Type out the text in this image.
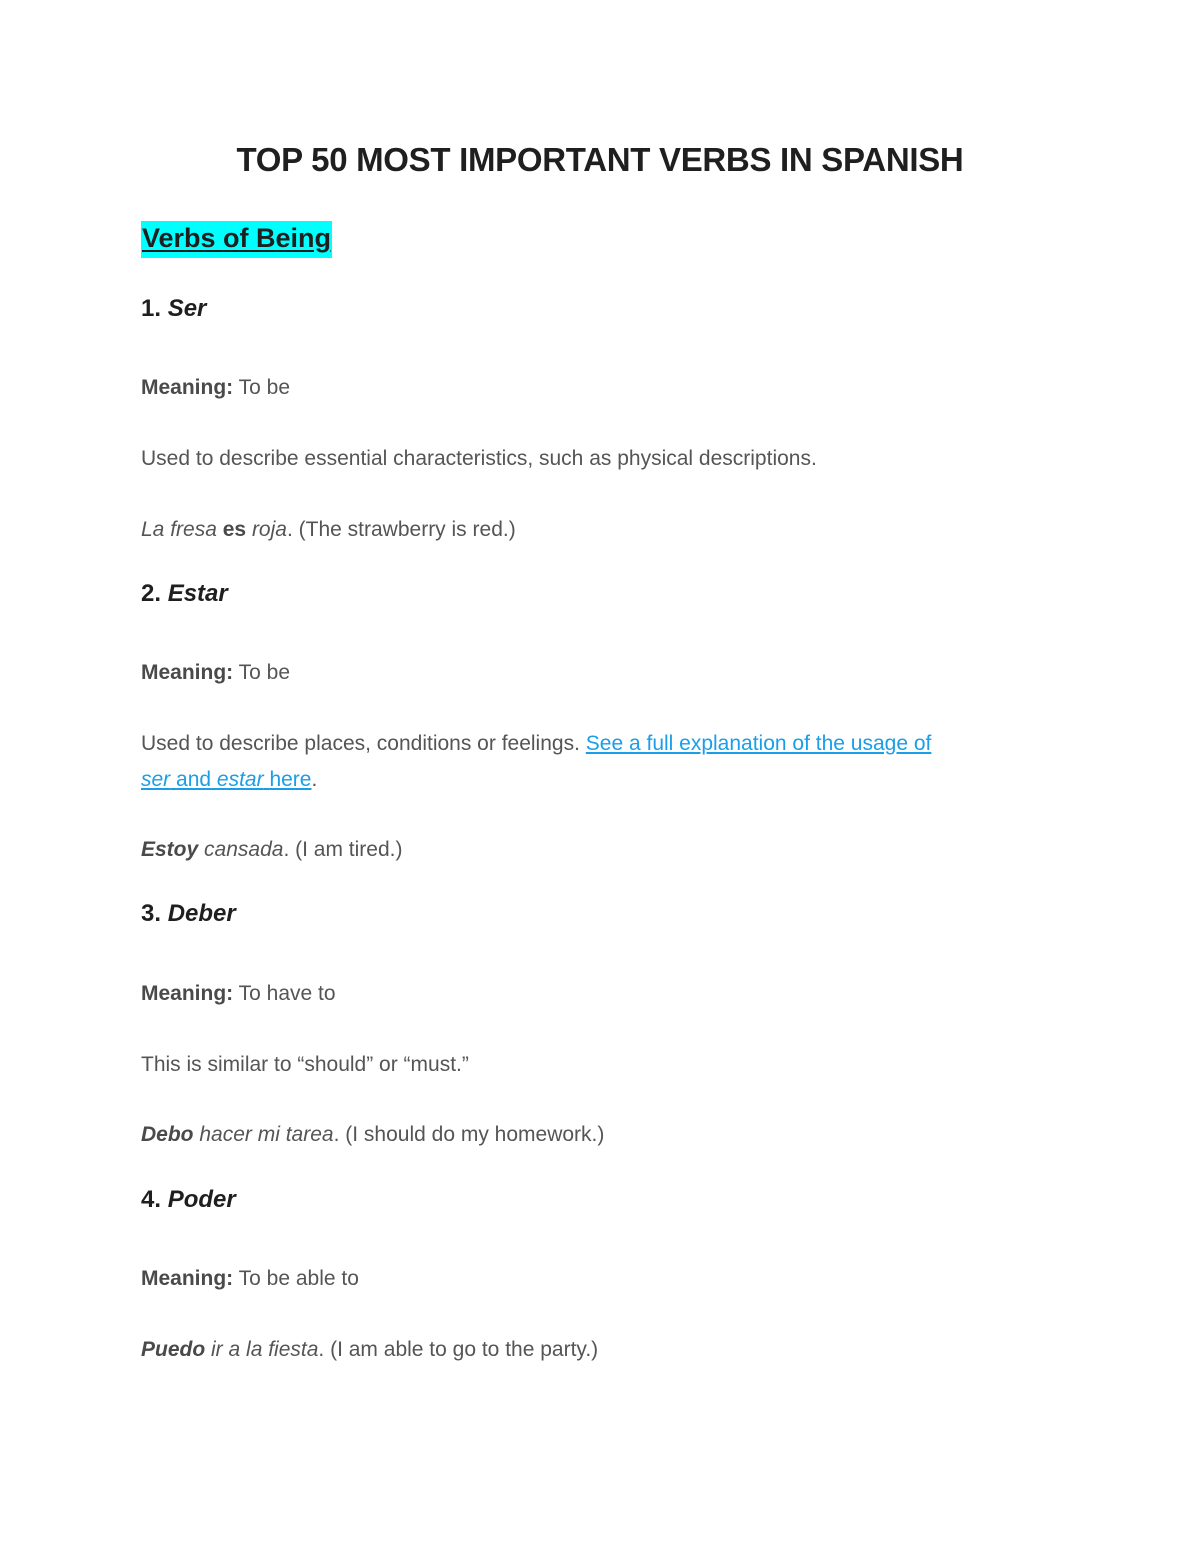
TOP 50 MOST IMPORTANT VERBS IN SPANISH
Verbs of Being
1. Ser

Meaning: To be

Used to describe essential characteristics, such as physical descriptions.

La fresa es roja. (The strawberry is red.)

2. Estar

Meaning: To be

Used to describe places, conditions or feelings. See a full explanation of the usage of

ser and estar here.

Estoy cansada. (I am tired.)

3. Deber

Meaning: To have to

This is similar to “should” or “must.”

Debo hacer mi tarea. (I should do my homework.)

4. Poder

Meaning: To be able to

Puedo ir a la fiesta. (I am able to go to the party.)
